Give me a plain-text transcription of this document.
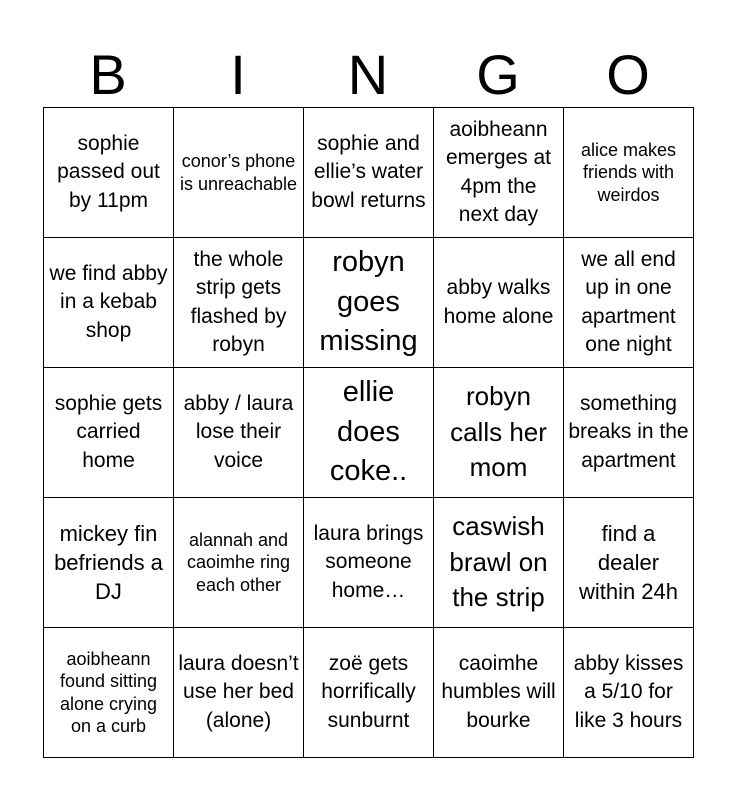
B	I	N	G	O
sophie passed out by 11pm	conor’s phone is unreachable	sophie and ellie’s water bowl returns	aoibheann emerges at 4pm the next day	alice makes friends with weirdos
we find abby in a kebab shop	the whole strip gets flashed by robyn	robyn goes missing	abby walks home alone	we all end up in one apartment one night
sophie gets carried home	abby / laura lose their voice	ellie does coke..	robyn calls her mom	something breaks in the apartment
mickey fin befriends a DJ	alannah and caoimhe ring each other	laura brings someone home…	caswish brawl on the strip	find a dealer within 24h
aoibheann found sitting alone crying on a curb	laura doesn’t use her bed (alone)	zoë gets horrifically sunburnt	caoimhe humbles will bourke	abby kisses a 5/10 for like 3 hours
